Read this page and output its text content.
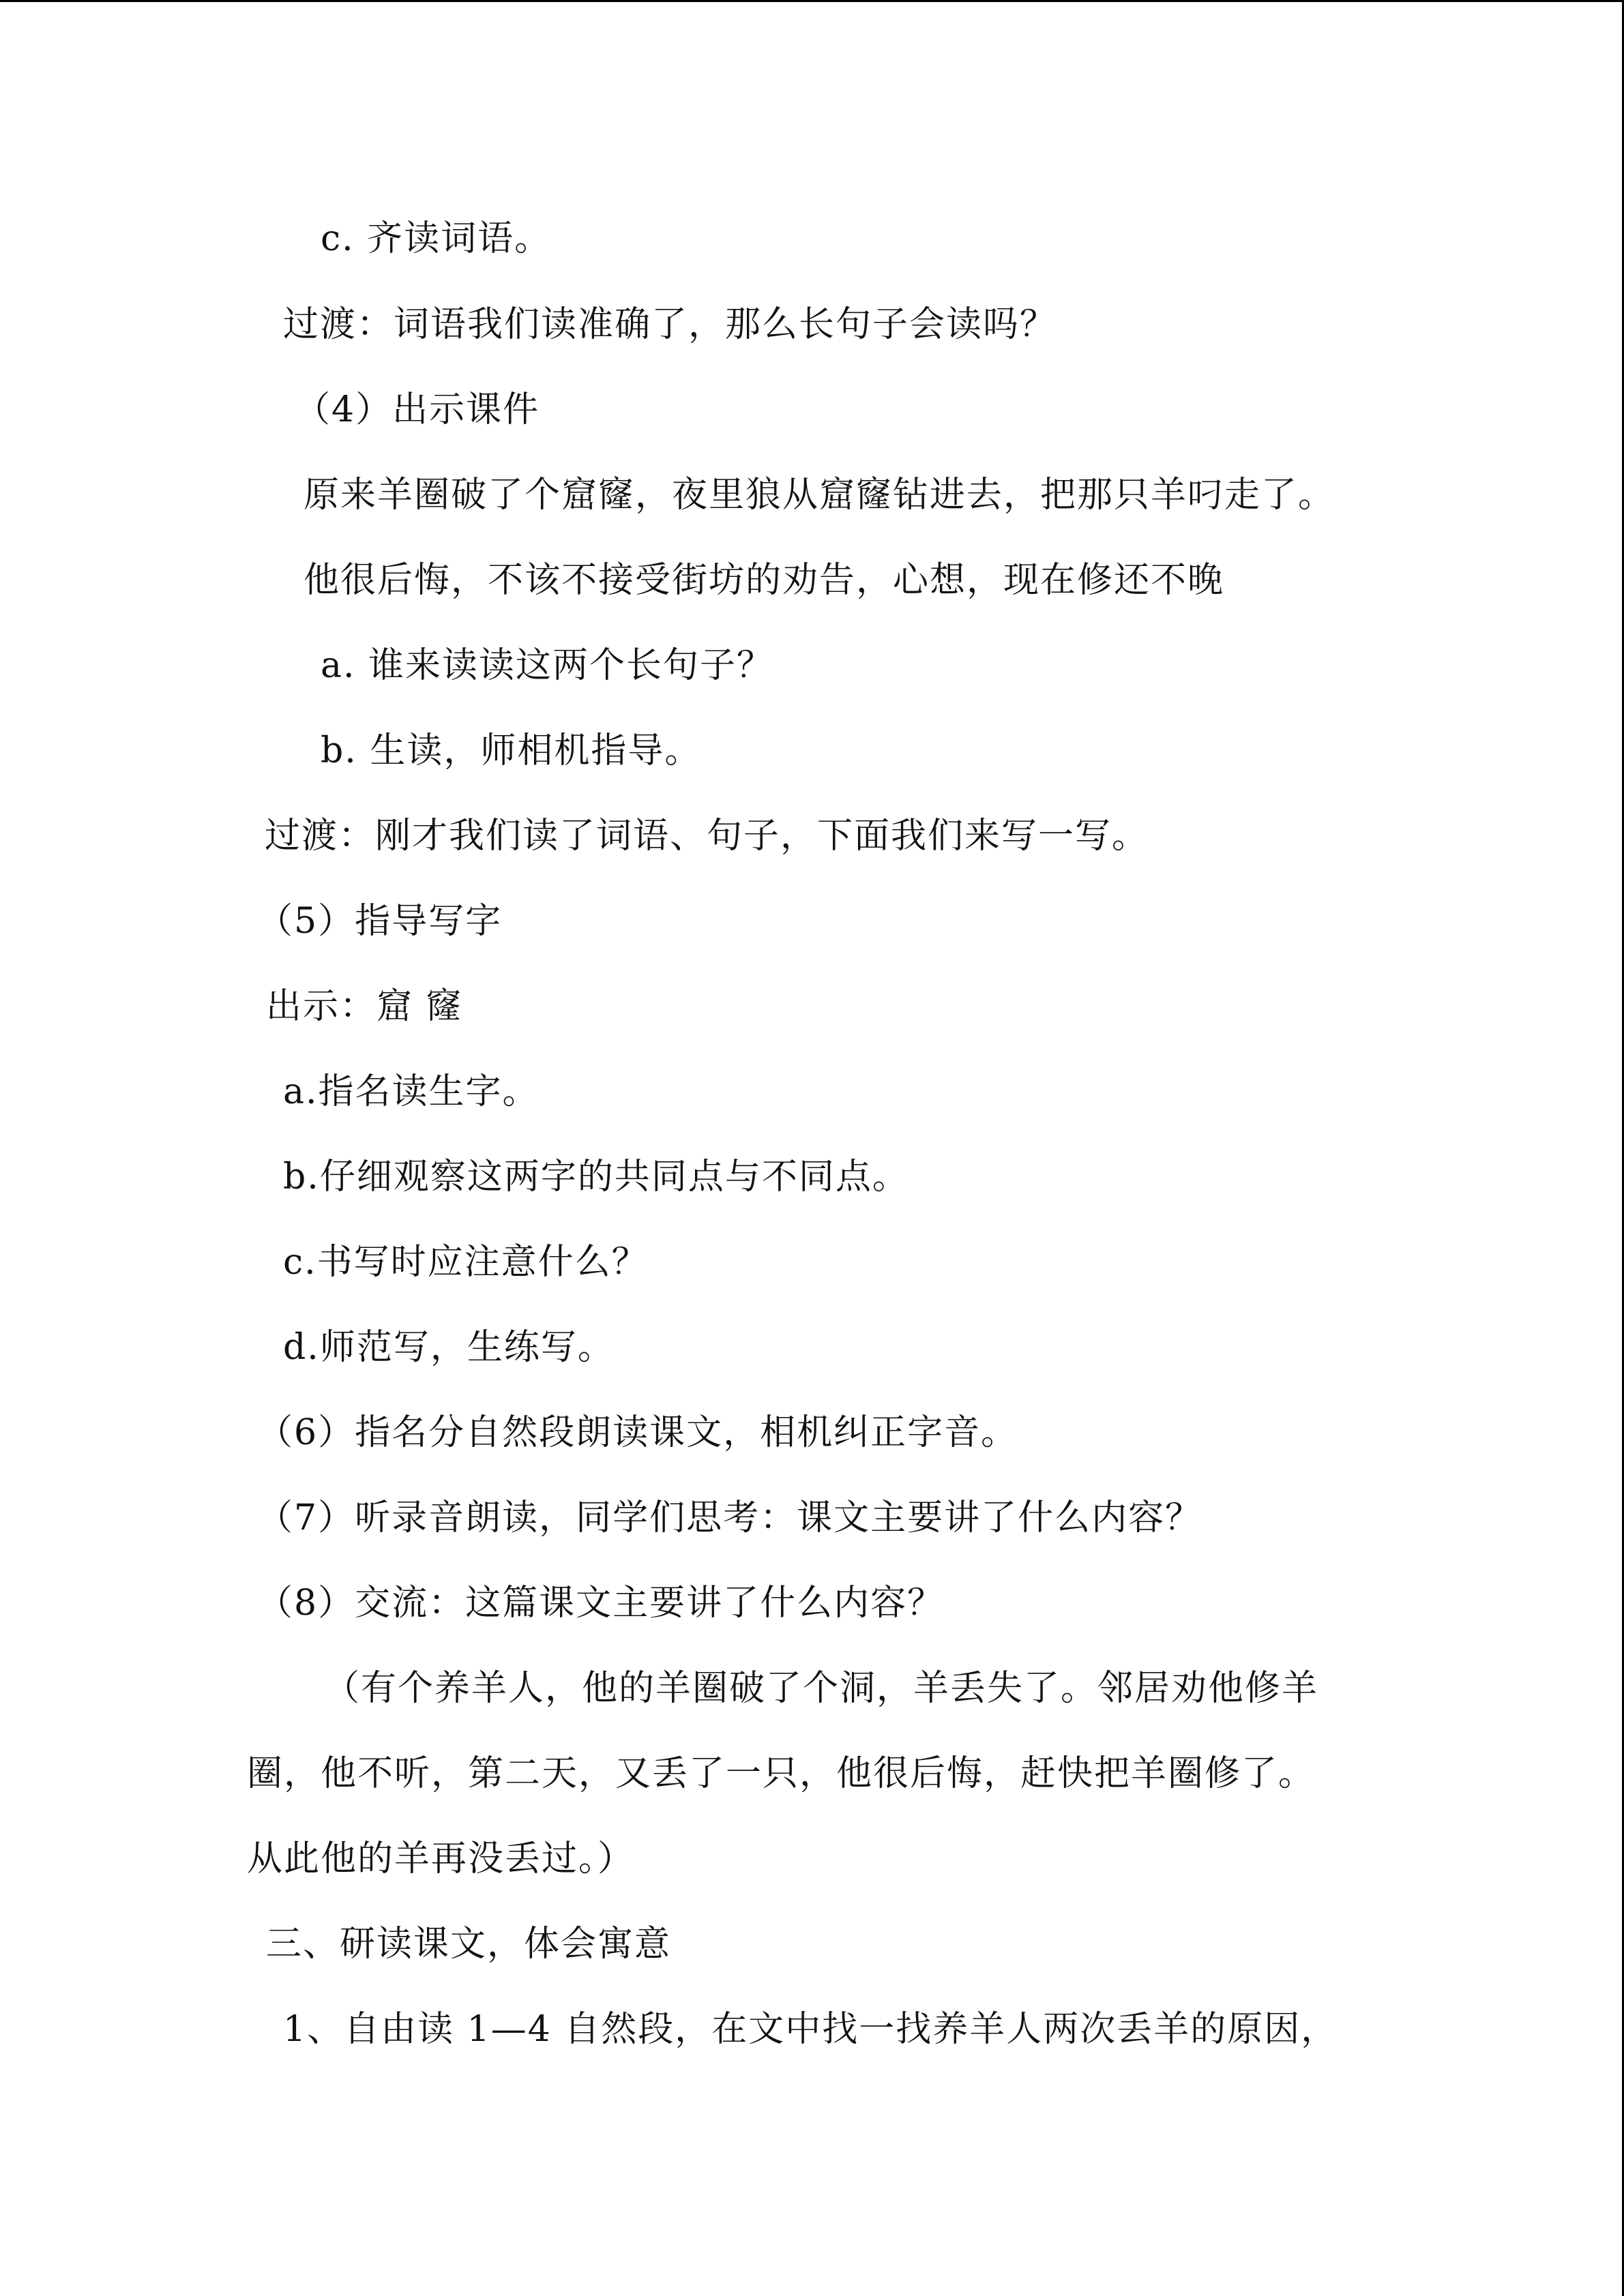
c. 齐读词语。
过渡：词语我们读准确了，那么长句子会读吗？
（4）出示课件
原来羊圈破了个窟窿，夜里狼从窟窿钻进去，把那只羊叼走了。
他很后悔，不该不接受街坊的劝告，心想，现在修还不晚
a. 谁来读读这两个长句子？
b. 生读，师相机指导。
过渡：刚才我们读了词语、句子，下面我们来写一写。
（5）指导写字
出示：窟 窿
a.指名读生字。
b.仔细观察这两字的共同点与不同点。
c.书写时应注意什么？
d.师范写，生练写。
（6）指名分自然段朗读课文，相机纠正字音。
（7）听录音朗读，同学们思考：课文主要讲了什么内容？
（8）交流：这篇课文主要讲了什么内容？
（有个养羊人，他的羊圈破了个洞，羊丢失了。邻居劝他修羊
圈，他不听，第二天，又丢了一只，他很后悔，赶快把羊圈修了。
从此他的羊再没丢过。）
三、研读课文，体会寓意
1、自由读 1—4 自然段，在文中找一找养羊人两次丢羊的原因，
